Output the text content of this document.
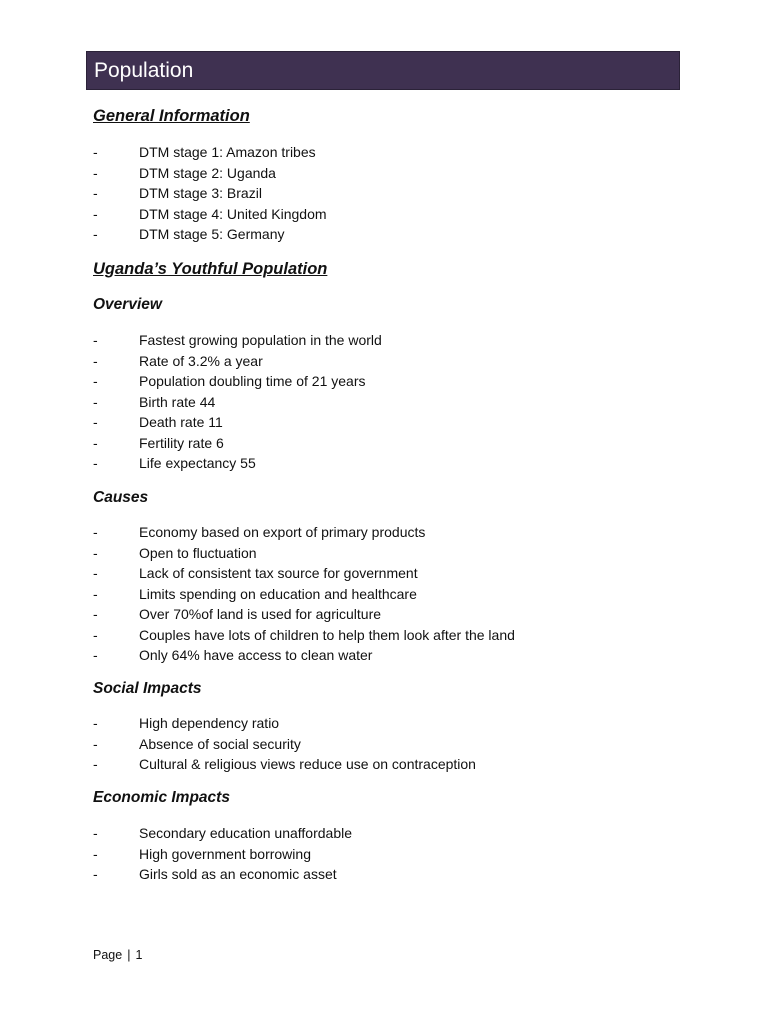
Population
General Information
-	DTM stage 1: Amazon tribes
-	DTM stage 2: Uganda
-	DTM stage 3: Brazil
-	DTM stage 4: United Kingdom
-	DTM stage 5: Germany
Uganda’s Youthful Population
Overview
-	Fastest growing population in the world
-	Rate of 3.2% a year
-	Population doubling time of 21 years
-	Birth rate 44
-	Death rate 11
-	Fertility rate 6
-	Life expectancy 55
Causes
-	Economy based on export of primary products
-	Open to fluctuation
-	Lack of consistent tax source for government
-	Limits spending on education and healthcare
-	Over 70%of land is used for agriculture
-	Couples have lots of children to help them look after the land
-	Only 64% have access to clean water
Social Impacts
-	High dependency ratio
-	Absence of social security
-	Cultural & religious views reduce use on contraception
Economic Impacts
-	Secondary education unaffordable
-	High government borrowing
-	Girls sold as an economic asset
Page | 1
